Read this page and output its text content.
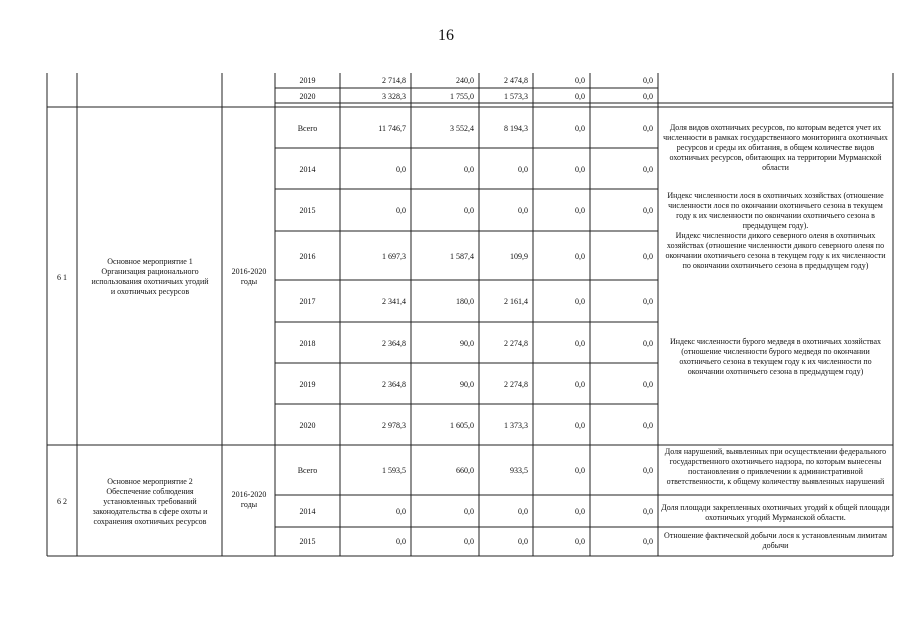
16
2019	2 714,8	240,0	2 474,8	0,0	0,0
2020	3 328,3	1 755,0	1 573,3	0,0	0,0
6 1
Основное мероприятие 1
Организация рационального
использования охотничьих угодий
и охотничьих ресурсов
2016-2020
годы
Всего	11 746,7	3 552,4	8 194,3	0,0	0,0
2014	0,0	0,0	0,0	0,0	0,0
2015	0,0	0,0	0,0	0,0	0,0
2016	1 697,3	1 587,4	109,9	0,0	0,0
2017	2 341,4	180,0	2 161,4	0,0	0,0
2018	2 364,8	90,0	2 274,8	0,0	0,0
2019	2 364,8	90,0	2 274,8	0,0	0,0
2020	2 978,3	1 605,0	1 373,3	0,0	0,0
Доля видов охотничьих ресурсов, по которым ведется учет их численности в рамках государственного мониторинга охотничьих ресурсов и среды их обитания, в общем количестве видов охотничьих ресурсов, обитающих на территории Мурманской области
Индекс численности лося в охотничьих хозяйствах (отношение численности лося по окончании охотничьего сезона в текущем году к их численности по окончании охотничьего сезона в предыдущем году).
Индекс численности дикого северного оленя в охотничьих хозяйствах (отношение численности дикого северного оленя по окончании охотничьего сезона в текущем году к их численности по окончании охотничьего сезона в предыдущем году)
Индекс численности бурого медведя в охотничьих хозяйствах (отношение численности бурого медведя по окончании охотничьего сезона в текущем году к их численности по окончании охотничьего сезона в предыдущем году)
6 2
Основное мероприятие 2
Обеспечение соблюдения
установленных требований
законодательства в сфере охоты и
сохранения охотничьих ресурсов
2016-2020
годы
Всего	1 593,5	660,0	933,5	0,0	0,0
2014	0,0	0,0	0,0	0,0	0,0
2015	0,0	0,0	0,0	0,0	0,0
Доля нарушений, выявленных при осуществлении федерального государственного охотничьего надзора, по которым вынесены постановления о привлечении к административной ответственности, к общему количеству выявленных нарушений
Доля площади закрепленных охотничьих угодий к общей площади охотничьих угодий Мурманской области.
Отношение фактической добычи лося к установленным лимитам добычи
